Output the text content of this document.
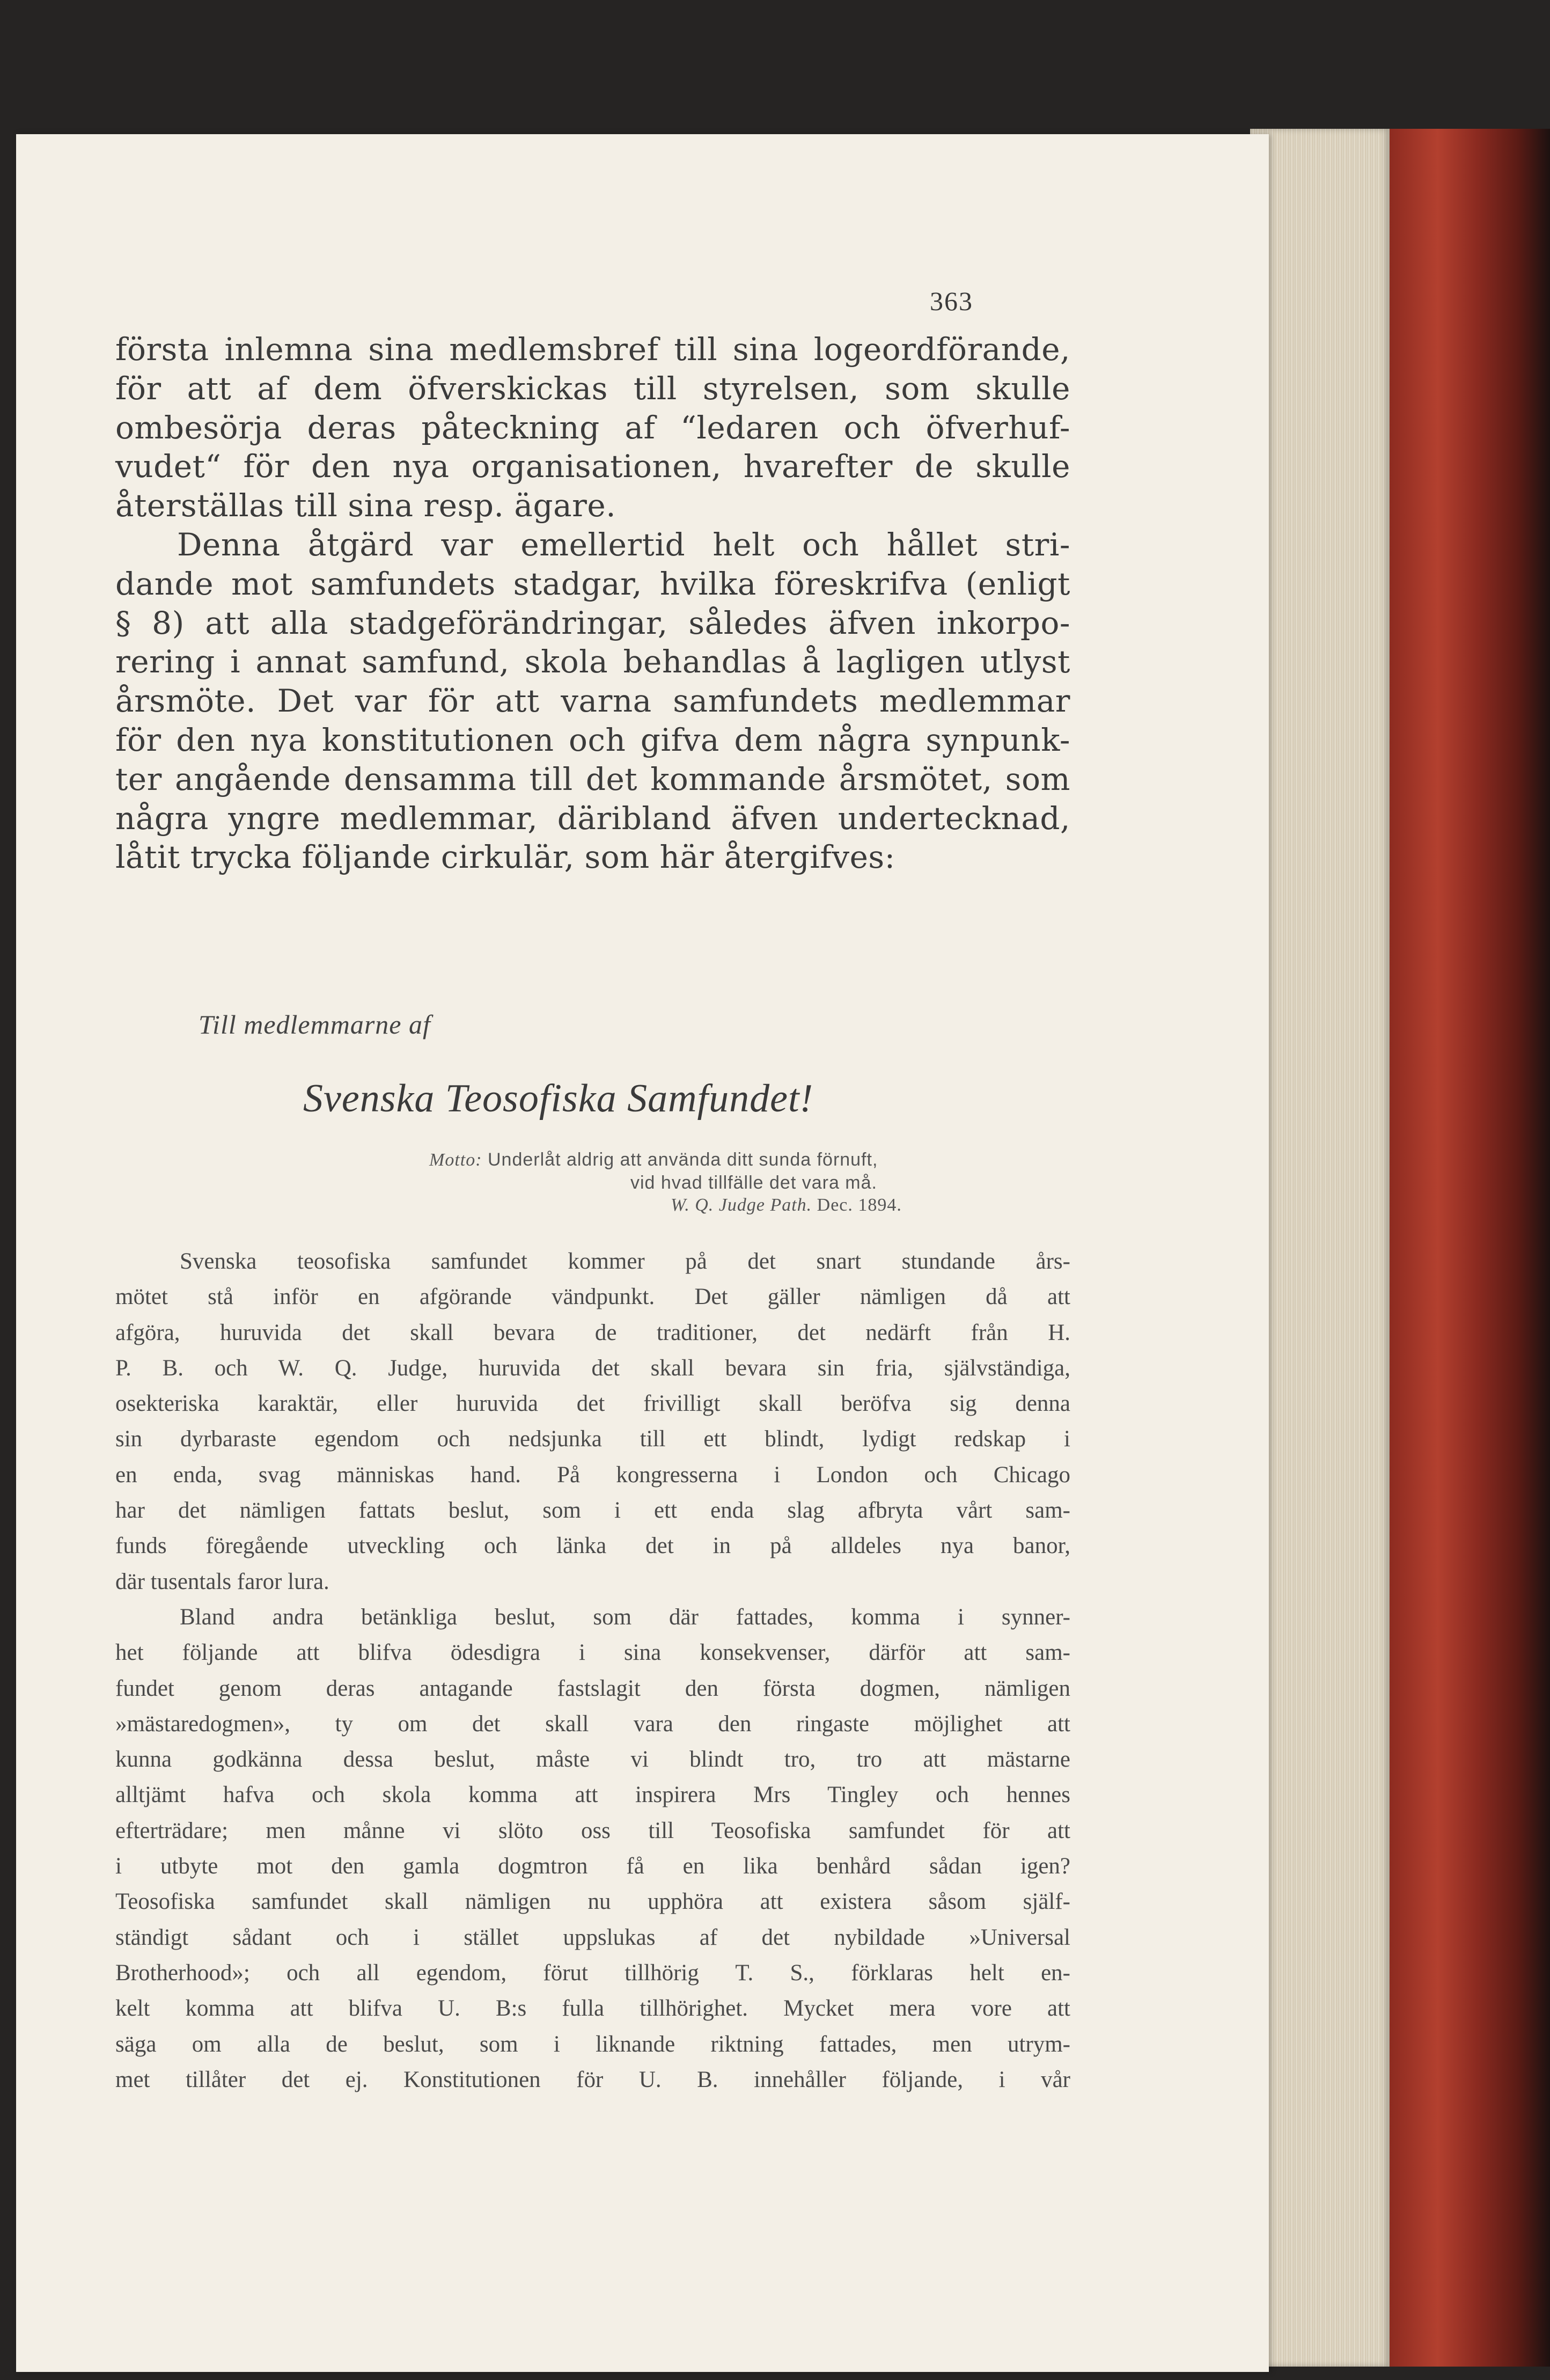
363
första inlemna sina medlemsbref till sina logeordförande,
för att af dem öfverskickas till styrelsen, som skulle
ombesörja deras påteckning af “ledaren och öfverhuf-
vudet“ för den nya organisationen, hvarefter de skulle
återställas till sina resp. ägare.
Denna åtgärd var emellertid helt och hållet stri-
dande mot samfundets stadgar, hvilka föreskrifva (enligt
§ 8) att alla stadgeförändringar, således äfven inkorpo-
rering i annat samfund, skola behandlas å lagligen utlyst
årsmöte. Det var för att varna samfundets medlemmar
för den nya konstitutionen och gifva dem några synpunk-
ter angående densamma till det kommande årsmötet, som
några yngre medlemmar, däribland äfven undertecknad,
låtit trycka följande cirkulär, som här återgifves:
Till medlemmarne af
Svenska Teosofiska Samfundet!
Motto: Underlåt aldrig att använda ditt sunda förnuft,
vid hvad tillfälle det vara må.
W. Q. Judge Path. Dec. 1894.
Svenska teosofiska samfundet kommer på det snart stundande års-
mötet stå inför en afgörande vändpunkt. Det gäller nämligen då att
afgöra, huruvida det skall bevara de traditioner, det nedärft från H.
P. B. och W. Q. Judge, huruvida det skall bevara sin fria, självständiga,
osekteriska karaktär, eller huruvida det frivilligt skall beröfva sig denna
sin dyrbaraste egendom och nedsjunka till ett blindt, lydigt redskap i
en enda, svag människas hand. På kongresserna i London och Chicago
har det nämligen fattats beslut, som i ett enda slag afbryta vårt sam-
funds föregående utveckling och länka det in på alldeles nya banor,
där tusentals faror lura.
Bland andra betänkliga beslut, som där fattades, komma i synner-
het följande att blifva ödesdigra i sina konsekvenser, därför att sam-
fundet genom deras antagande fastslagit den första dogmen, nämligen
»mästaredogmen», ty om det skall vara den ringaste möjlighet att
kunna godkänna dessa beslut, måste vi blindt tro, tro att mästarne
alltjämt hafva och skola komma att inspirera Mrs Tingley och hennes
efterträdare; men månne vi slöto oss till Teosofiska samfundet för att
i utbyte mot den gamla dogmtron få en lika benhård sådan igen?
Teosofiska samfundet skall nämligen nu upphöra att existera såsom själf-
ständigt sådant och i stället uppslukas af det nybildade »Universal
Brotherhood»; och all egendom, förut tillhörig T. S., förklaras helt en-
kelt komma att blifva U. B:s fulla tillhörighet. Mycket mera vore att
säga om alla de beslut, som i liknande riktning fattades, men utrym-
met tillåter det ej. Konstitutionen för U. B. innehåller följande, i vår
